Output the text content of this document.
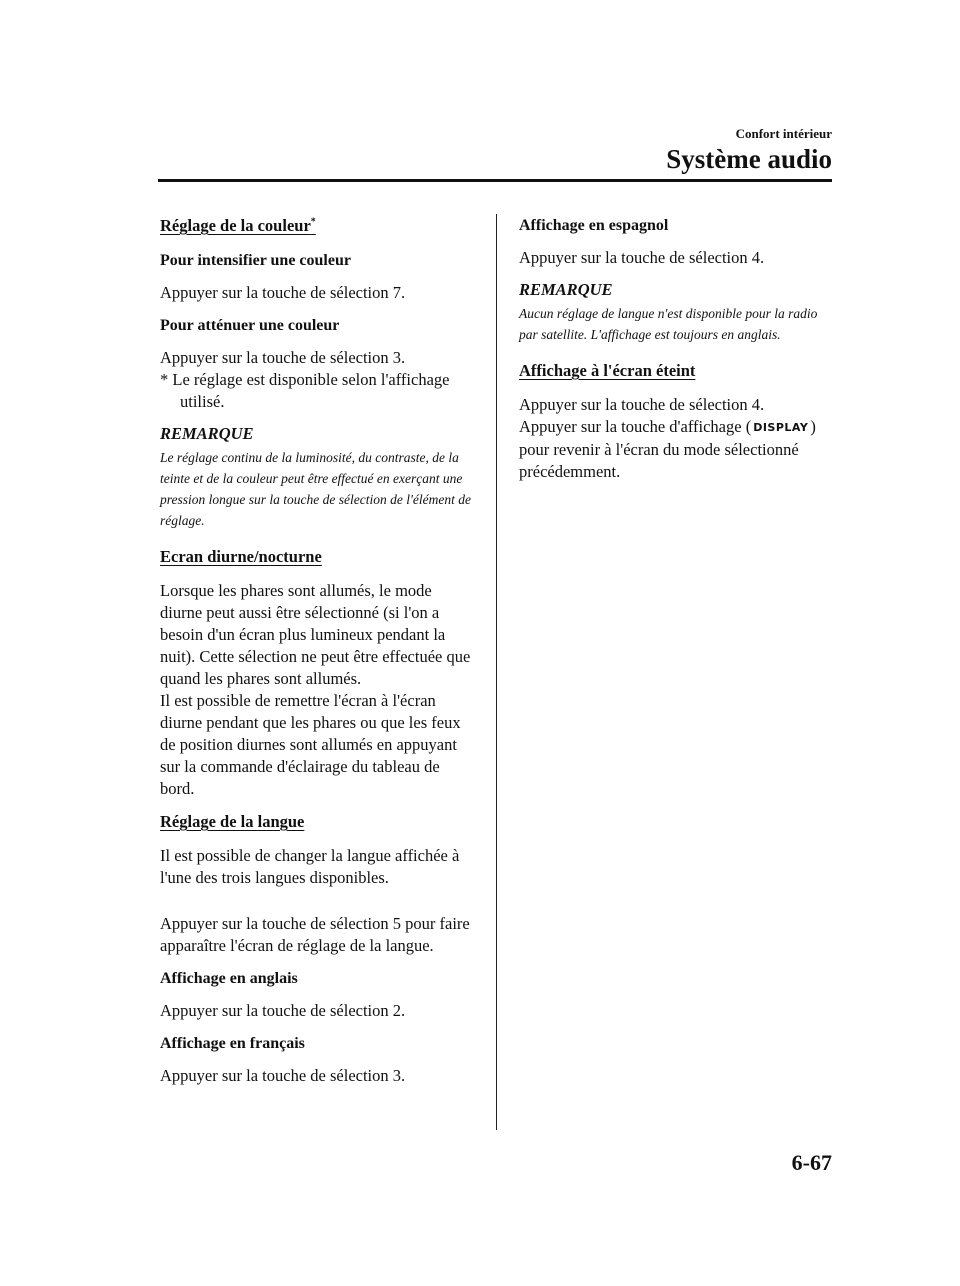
Confort intérieur
Système audio
Réglage de la couleur*
Pour intensifier une couleur
Appuyer sur la touche de sélection 7.
Pour atténuer une couleur
Appuyer sur la touche de sélection 3.
* Le réglage est disponible selon l'affichage utilisé.
REMARQUE
Le réglage continu de la luminosité, du contraste, de la teinte et de la couleur peut être effectué en exerçant une pression longue sur la touche de sélection de l'élément de réglage.
Ecran diurne/nocturne
Lorsque les phares sont allumés, le mode diurne peut aussi être sélectionné (si l'on a besoin d'un écran plus lumineux pendant la nuit). Cette sélection ne peut être effectuée que quand les phares sont allumés.
Il est possible de remettre l'écran à l'écran diurne pendant que les phares ou que les feux de position diurnes sont allumés en appuyant sur la commande d'éclairage du tableau de bord.
Réglage de la langue
Il est possible de changer la langue affichée à l'une des trois langues disponibles.
Appuyer sur la touche de sélection 5 pour faire apparaître l'écran de réglage de la langue.
Affichage en anglais
Appuyer sur la touche de sélection 2.
Affichage en français
Appuyer sur la touche de sélection 3.
Affichage en espagnol
Appuyer sur la touche de sélection 4.
REMARQUE
Aucun réglage de langue n'est disponible pour la radio par satellite. L'affichage est toujours en anglais.
Affichage à l'écran éteint
Appuyer sur la touche de sélection 4.
Appuyer sur la touche d'affichage ( DISPLAY ) pour revenir à l'écran du mode sélectionné précédemment.
6-67
